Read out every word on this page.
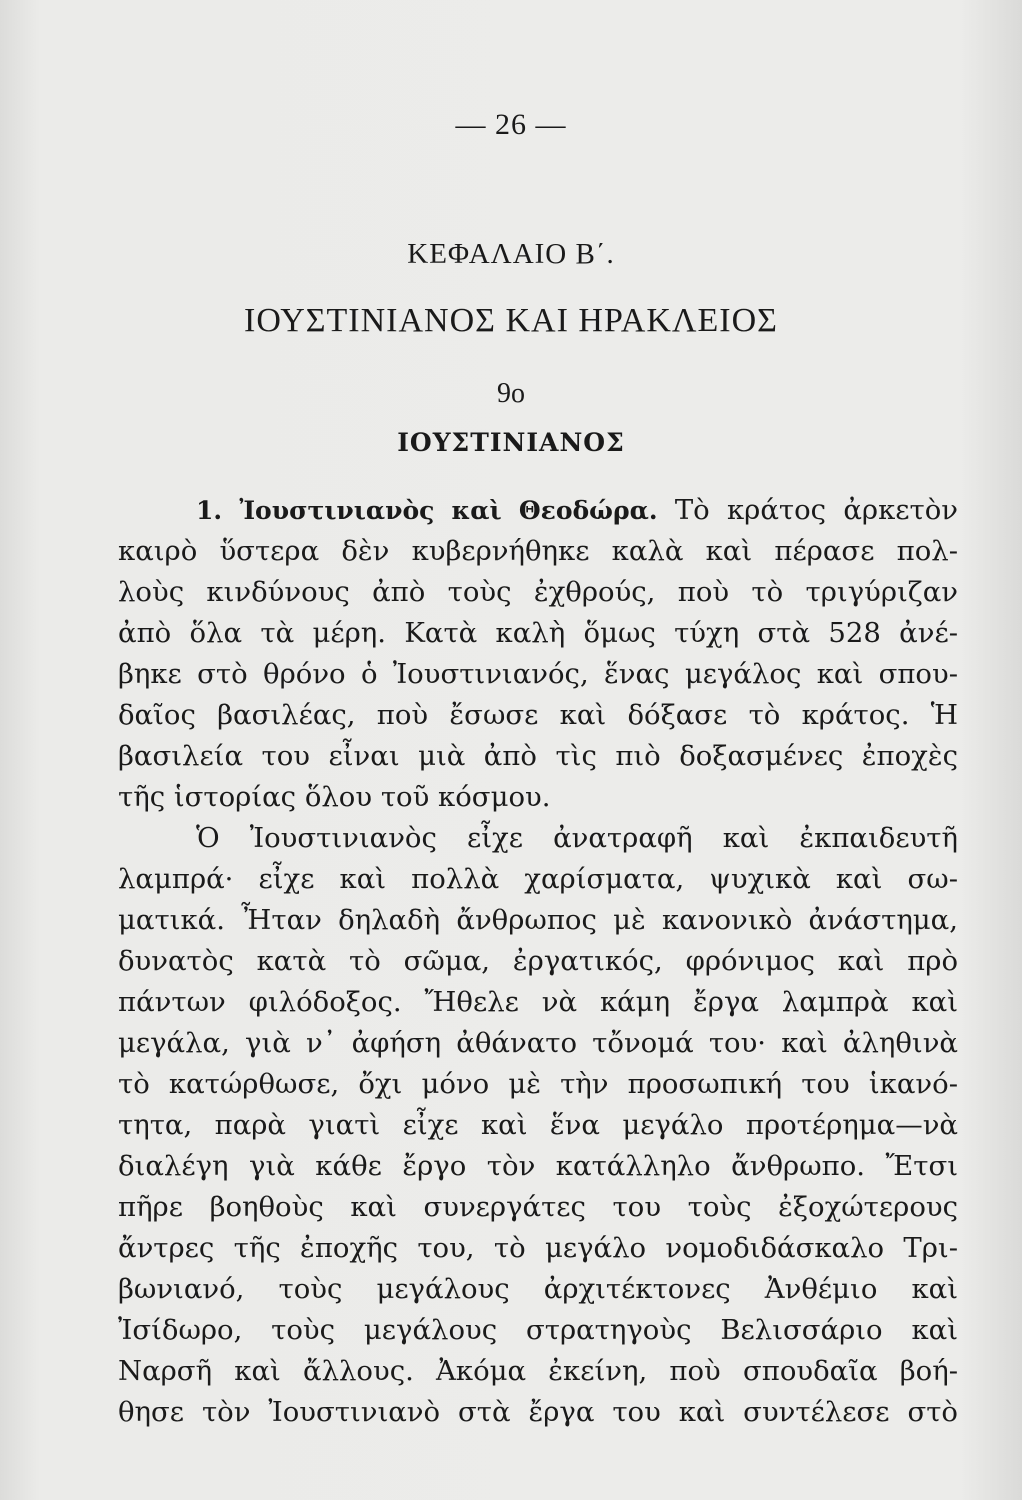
— 26 —
ΚΕΦΑΛΑΙΟ Β΄.
ΙΟΥΣΤΙΝΙΑΝΟΣ ΚΑΙ ΗΡΑΚΛΕΙΟΣ
9ο
ΙΟΥΣΤΙΝΙΑΝΟΣ
1. Ἰουστινιανὸς καὶ Θεοδώρα. Τὸ κράτος ἀρκετὸν
καιρὸ ὕστερα δὲν κυβερνήθηκε καλὰ καὶ πέρασε πολ-
λοὺς κινδύνους ἀπὸ τοὺς ἐχθρούς, ποὺ τὸ τριγύριζαν
ἀπὸ ὅλα τὰ μέρη. Κατὰ καλὴ ὅμως τύχη στὰ 528 ἀνέ-
βηκε στὸ θρόνο ὁ Ἰουστινιανός, ἕνας μεγάλος καὶ σπου-
δαῖος βασιλέας, ποὺ ἔσωσε καὶ δόξασε τὸ κράτος. Ἡ
βασιλεία του εἶναι μιὰ ἀπὸ τὶς πιὸ δοξασμένες ἐποχὲς
τῆς ἱστορίας ὅλου τοῦ κόσμου.
Ὁ Ἰουστινιανὸς εἶχε ἀνατραφῆ καὶ ἐκπαιδευτῆ
λαμπρά· εἶχε καὶ πολλὰ χαρίσματα, ψυχικὰ καὶ σω-
ματικά. Ἦταν δηλαδὴ ἄνθρωπος μὲ κανονικὸ ἀνάστημα,
δυνατὸς κατὰ τὸ σῶμα, ἐργατικός, φρόνιμος καὶ πρὸ
πάντων φιλόδοξος. Ἤθελε νὰ κάμη ἔργα λαμπρὰ καὶ
μεγάλα, γιὰ ν᾿ ἀφήση ἀθάνατο τὄνομά του· καὶ ἀληθινὰ
τὸ κατώρθωσε, ὄχι μόνο μὲ τὴν προσωπική του ἱκανό-
τητα, παρὰ γιατὶ εἶχε καὶ ἕνα μεγάλο προτέρημα—νὰ
διαλέγη γιὰ κάθε ἔργο τὸν κατάλληλο ἄνθρωπο. Ἔτσι
πῆρε βοηθοὺς καὶ συνεργάτες του τοὺς ἐξοχώτερους
ἄντρες τῆς ἐποχῆς του, τὸ μεγάλο νομοδιδάσκαλο Τρι-
βωνιανό, τοὺς μεγάλους ἀρχιτέκτονες Ἀνθέμιο καὶ
Ἰσίδωρο, τοὺς μεγάλους στρατηγοὺς Βελισσάριο καὶ
Ναρσῆ καὶ ἄλλους. Ἀκόμα ἐκείνη, ποὺ σπουδαῖα βοή-
θησε τὸν Ἰουστινιανὸ στὰ ἔργα του καὶ συντέλεσε στὸ
